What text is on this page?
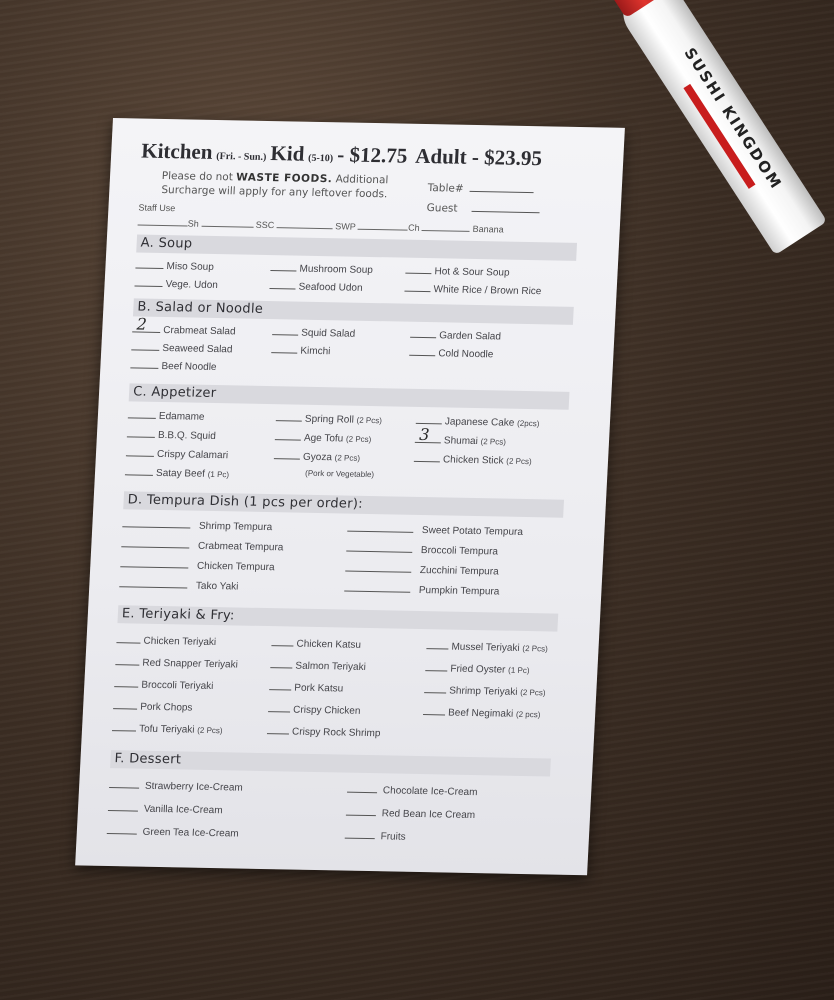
SUSHI KINGDOM
Kitchen (Fri. - Sun.) Kid (5-10) - $12.75 Adult - $23.95
Please do not WASTE FOODS. Additional
Surcharge will apply for any leftover foods.	Table#
Guest
Staff Use
Sh	SSC	SWP	Ch	Banana
A. Soup
Miso Soup	Mushroom Soup	Hot & Sour Soup
Vege. Udon	Seafood Udon	White Rice / Brown Rice
B. Salad or Noodle
2 Crabmeat Salad	Squid Salad	Garden Salad
Seaweed Salad	Kimchi	Cold Noodle
Beef Noodle
C. Appetizer
Edamame	Spring Roll (2 Pcs)	Japanese Cake (2pcs)
B.B.Q. Squid	Age Tofu (2 Pcs)	3 Shumai (2 Pcs)
Crispy Calamari	Gyoza (2 Pcs)	Chicken Stick (2 Pcs)
Satay Beef (1 Pc)	(Pork or Vegetable)
D. Tempura Dish (1 pcs per order):
Shrimp Tempura	Sweet Potato Tempura
Crabmeat Tempura	Broccoli Tempura
Chicken Tempura	Zucchini Tempura
Tako Yaki	Pumpkin Tempura
E. Teriyaki & Fry:
Chicken Teriyaki	Chicken Katsu	Mussel Teriyaki (2 Pcs)
Red Snapper Teriyaki	Salmon Teriyaki	Fried Oyster (1 Pc)
Broccoli Teriyaki	Pork Katsu	Shrimp Teriyaki (2 Pcs)
Pork Chops	Crispy Chicken	Beef Negimaki (2 pcs)
Tofu Teriyaki (2 Pcs)	Crispy Rock Shrimp
F. Dessert
Strawberry Ice-Cream	Chocolate Ice-Cream
Vanilla Ice-Cream	Red Bean Ice Cream
Green Tea Ice-Cream	Fruits
